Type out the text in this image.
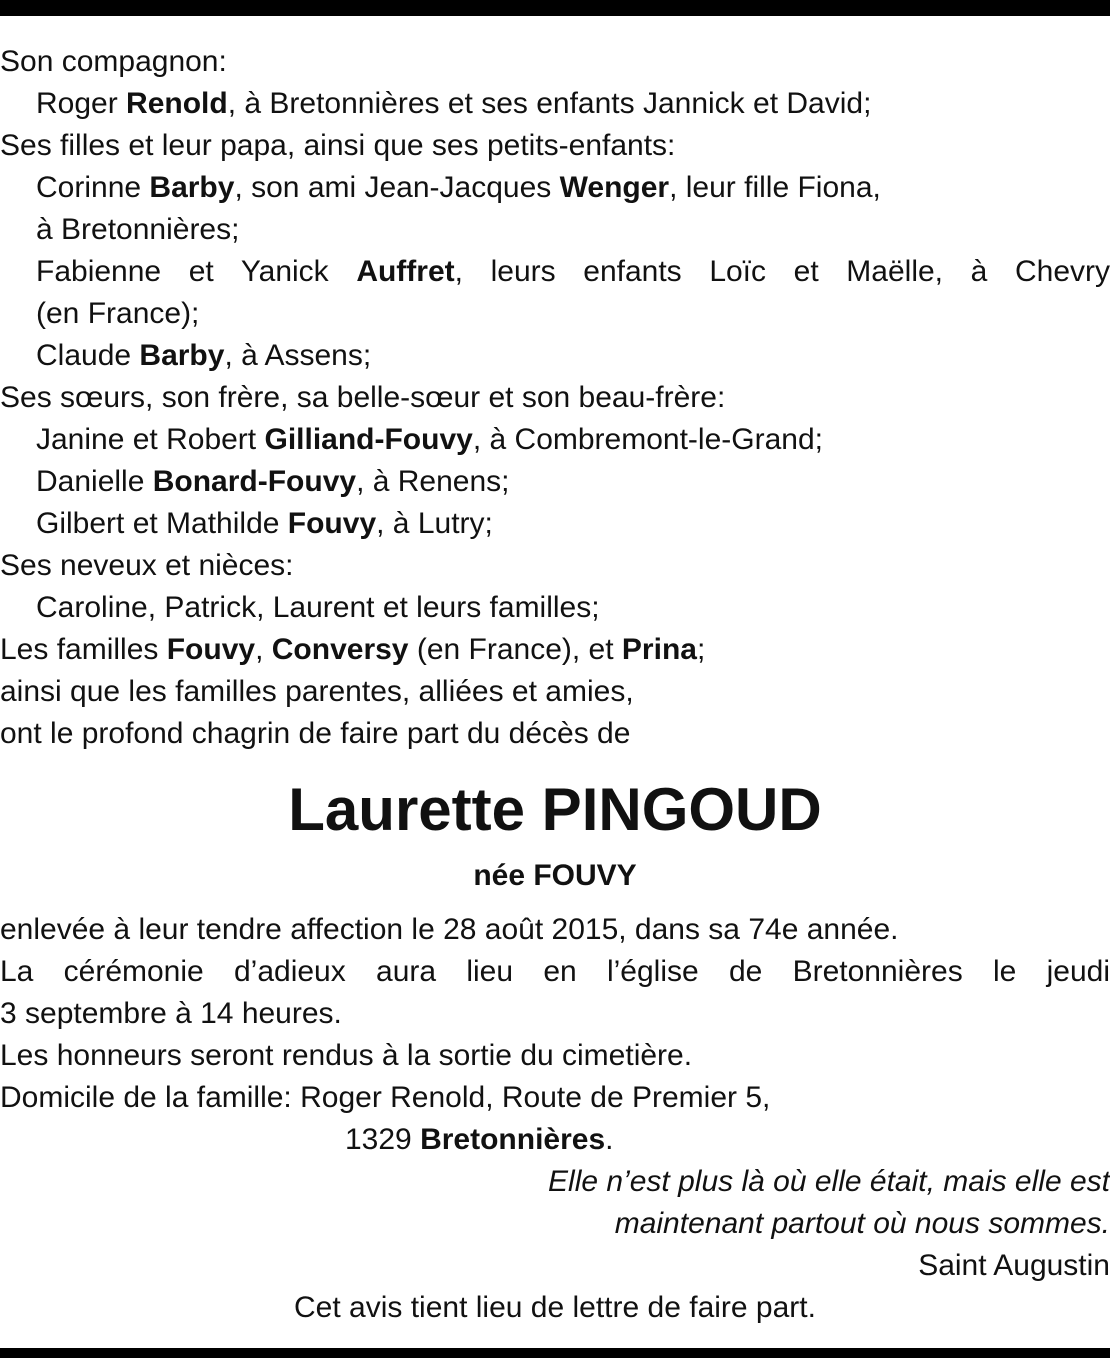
Son compagnon:
Roger Renold, à Bretonnières et ses enfants Jannick et David;
Ses filles et leur papa, ainsi que ses petits-enfants:
Corinne Barby, son ami Jean-Jacques Wenger, leur fille Fiona,
à Bretonnières;
Fabienne et Yanick Auffret, leurs enfants Loïc et Maëlle, à Chevry
(en France);
Claude Barby, à Assens;
Ses sœurs, son frère, sa belle-sœur et son beau-frère:
Janine et Robert Gilliand-Fouvy, à Combremont-le-Grand;
Danielle Bonard-Fouvy, à Renens;
Gilbert et Mathilde Fouvy, à Lutry;
Ses neveux et nièces:
Caroline, Patrick, Laurent et leurs familles;
Les familles Fouvy, Conversy (en France), et Prina;
ainsi que les familles parentes, alliées et amies,
ont le profond chagrin de faire part du décès de
Laurette PINGOUD
née FOUVY
enlevée à leur tendre affection le 28 août 2015, dans sa 74e année.
La cérémonie d’adieux aura lieu en l’église de Bretonnières le jeudi
3 septembre à 14 heures.
Les honneurs seront rendus à la sortie du cimetière.
Domicile de la famille: Roger Renold, Route de Premier 5,
1329 Bretonnières.
Elle n’est plus là où elle était, mais elle est
maintenant partout où nous sommes.
Saint Augustin
Cet avis tient lieu de lettre de faire part.
